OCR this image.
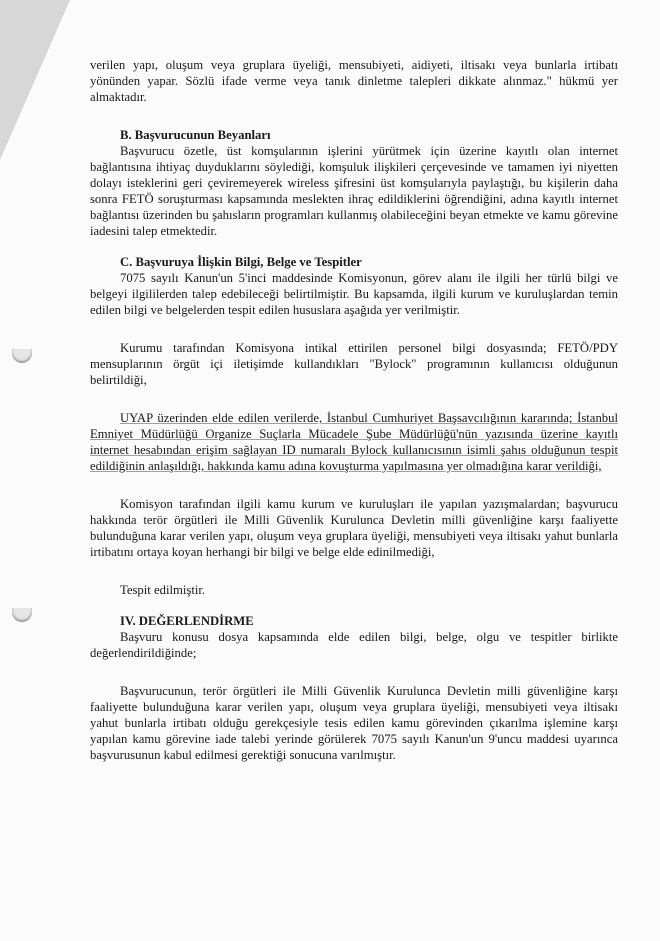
verilen yapı, oluşum veya gruplara üyeliği, mensubiyeti, aidiyeti, iltisakı veya bunlarla irtibatı yönünden yapar. Sözlü ifade verme veya tanık dinletme talepleri dikkate alınmaz." hükmü yer almaktadır.

B. Başvurucunun Beyanları

Başvurucu özetle, üst komşularının işlerini yürütmek için üzerine kayıtlı olan internet bağlantısına ihtiyaç duyduklarını söylediği, komşuluk ilişkileri çerçevesinde ve tamamen iyi niyetten dolayı isteklerini geri çeviremeyerek wireless şifresini üst komşularıyla paylaştığı, bu kişilerin daha sonra FETÖ soruşturması kapsamında meslekten ihraç edildiklerini öğrendiğini, adına kayıtlı internet bağlantısı üzerinden bu şahısların programları kullanmış olabileceğini beyan etmekte ve kamu görevine iadesini talep etmektedir.

C. Başvuruya İlişkin Bilgi, Belge ve Tespitler

7075 sayılı Kanun'un 5'inci maddesinde Komisyonun, görev alanı ile ilgili her türlü bilgi ve belgeyi ilgililerden talep edebileceği belirtilmiştir. Bu kapsamda, ilgili kurum ve kuruluşlardan temin edilen bilgi ve belgelerden tespit edilen hususlara aşağıda yer verilmiştir.

Kurumu tarafından Komisyona intikal ettirilen personel bilgi dosyasında; FETÖ/PDY mensuplarının örgüt içi iletişimde kullandıkları "Bylock" programının kullanıcısı olduğunun belirtildiği,

UYAP üzerinden elde edilen verilerde, İstanbul Cumhuriyet Başsavcılığının kararında; İstanbul Emniyet Müdürlüğü Organize Suçlarla Mücadele Şube Müdürlüğü'nün yazısında üzerine kayıtlı internet hesabından erişim sağlayan ID numaralı Bylock kullanıcısının isimli şahıs olduğunun tespit edildiğinin anlaşıldığı, hakkında kamu adına kovuşturma yapılmasına yer olmadığına karar verildiği,

Komisyon tarafından ilgili kamu kurum ve kuruluşları ile yapılan yazışmalardan; başvurucu hakkında terör örgütleri ile Milli Güvenlik Kurulunca Devletin milli güvenliğine karşı faaliyette bulunduğuna karar verilen yapı, oluşum veya gruplara üyeliği, mensubiyeti veya iltisakı yahut bunlarla irtibatını ortaya koyan herhangi bir bilgi ve belge elde edinilmediği,

Tespit edilmiştir.

IV. DEĞERLENDİRME

Başvuru konusu dosya kapsamında elde edilen bilgi, belge, olgu ve tespitler birlikte değerlendirildiğinde;

Başvurucunun, terör örgütleri ile Milli Güvenlik Kurulunca Devletin milli güvenliğine karşı faaliyette bulunduğuna karar verilen yapı, oluşum veya gruplara üyeliği, mensubiyeti veya iltisakı yahut bunlarla irtibatı olduğu gerekçesiyle tesis edilen kamu görevinden çıkarılma işlemine karşı yapılan kamu görevine iade talebi yerinde görülerek 7075 sayılı Kanun'un 9'uncu maddesi uyarınca başvurusunun kabul edilmesi gerektiği sonucuna varılmıştır.
